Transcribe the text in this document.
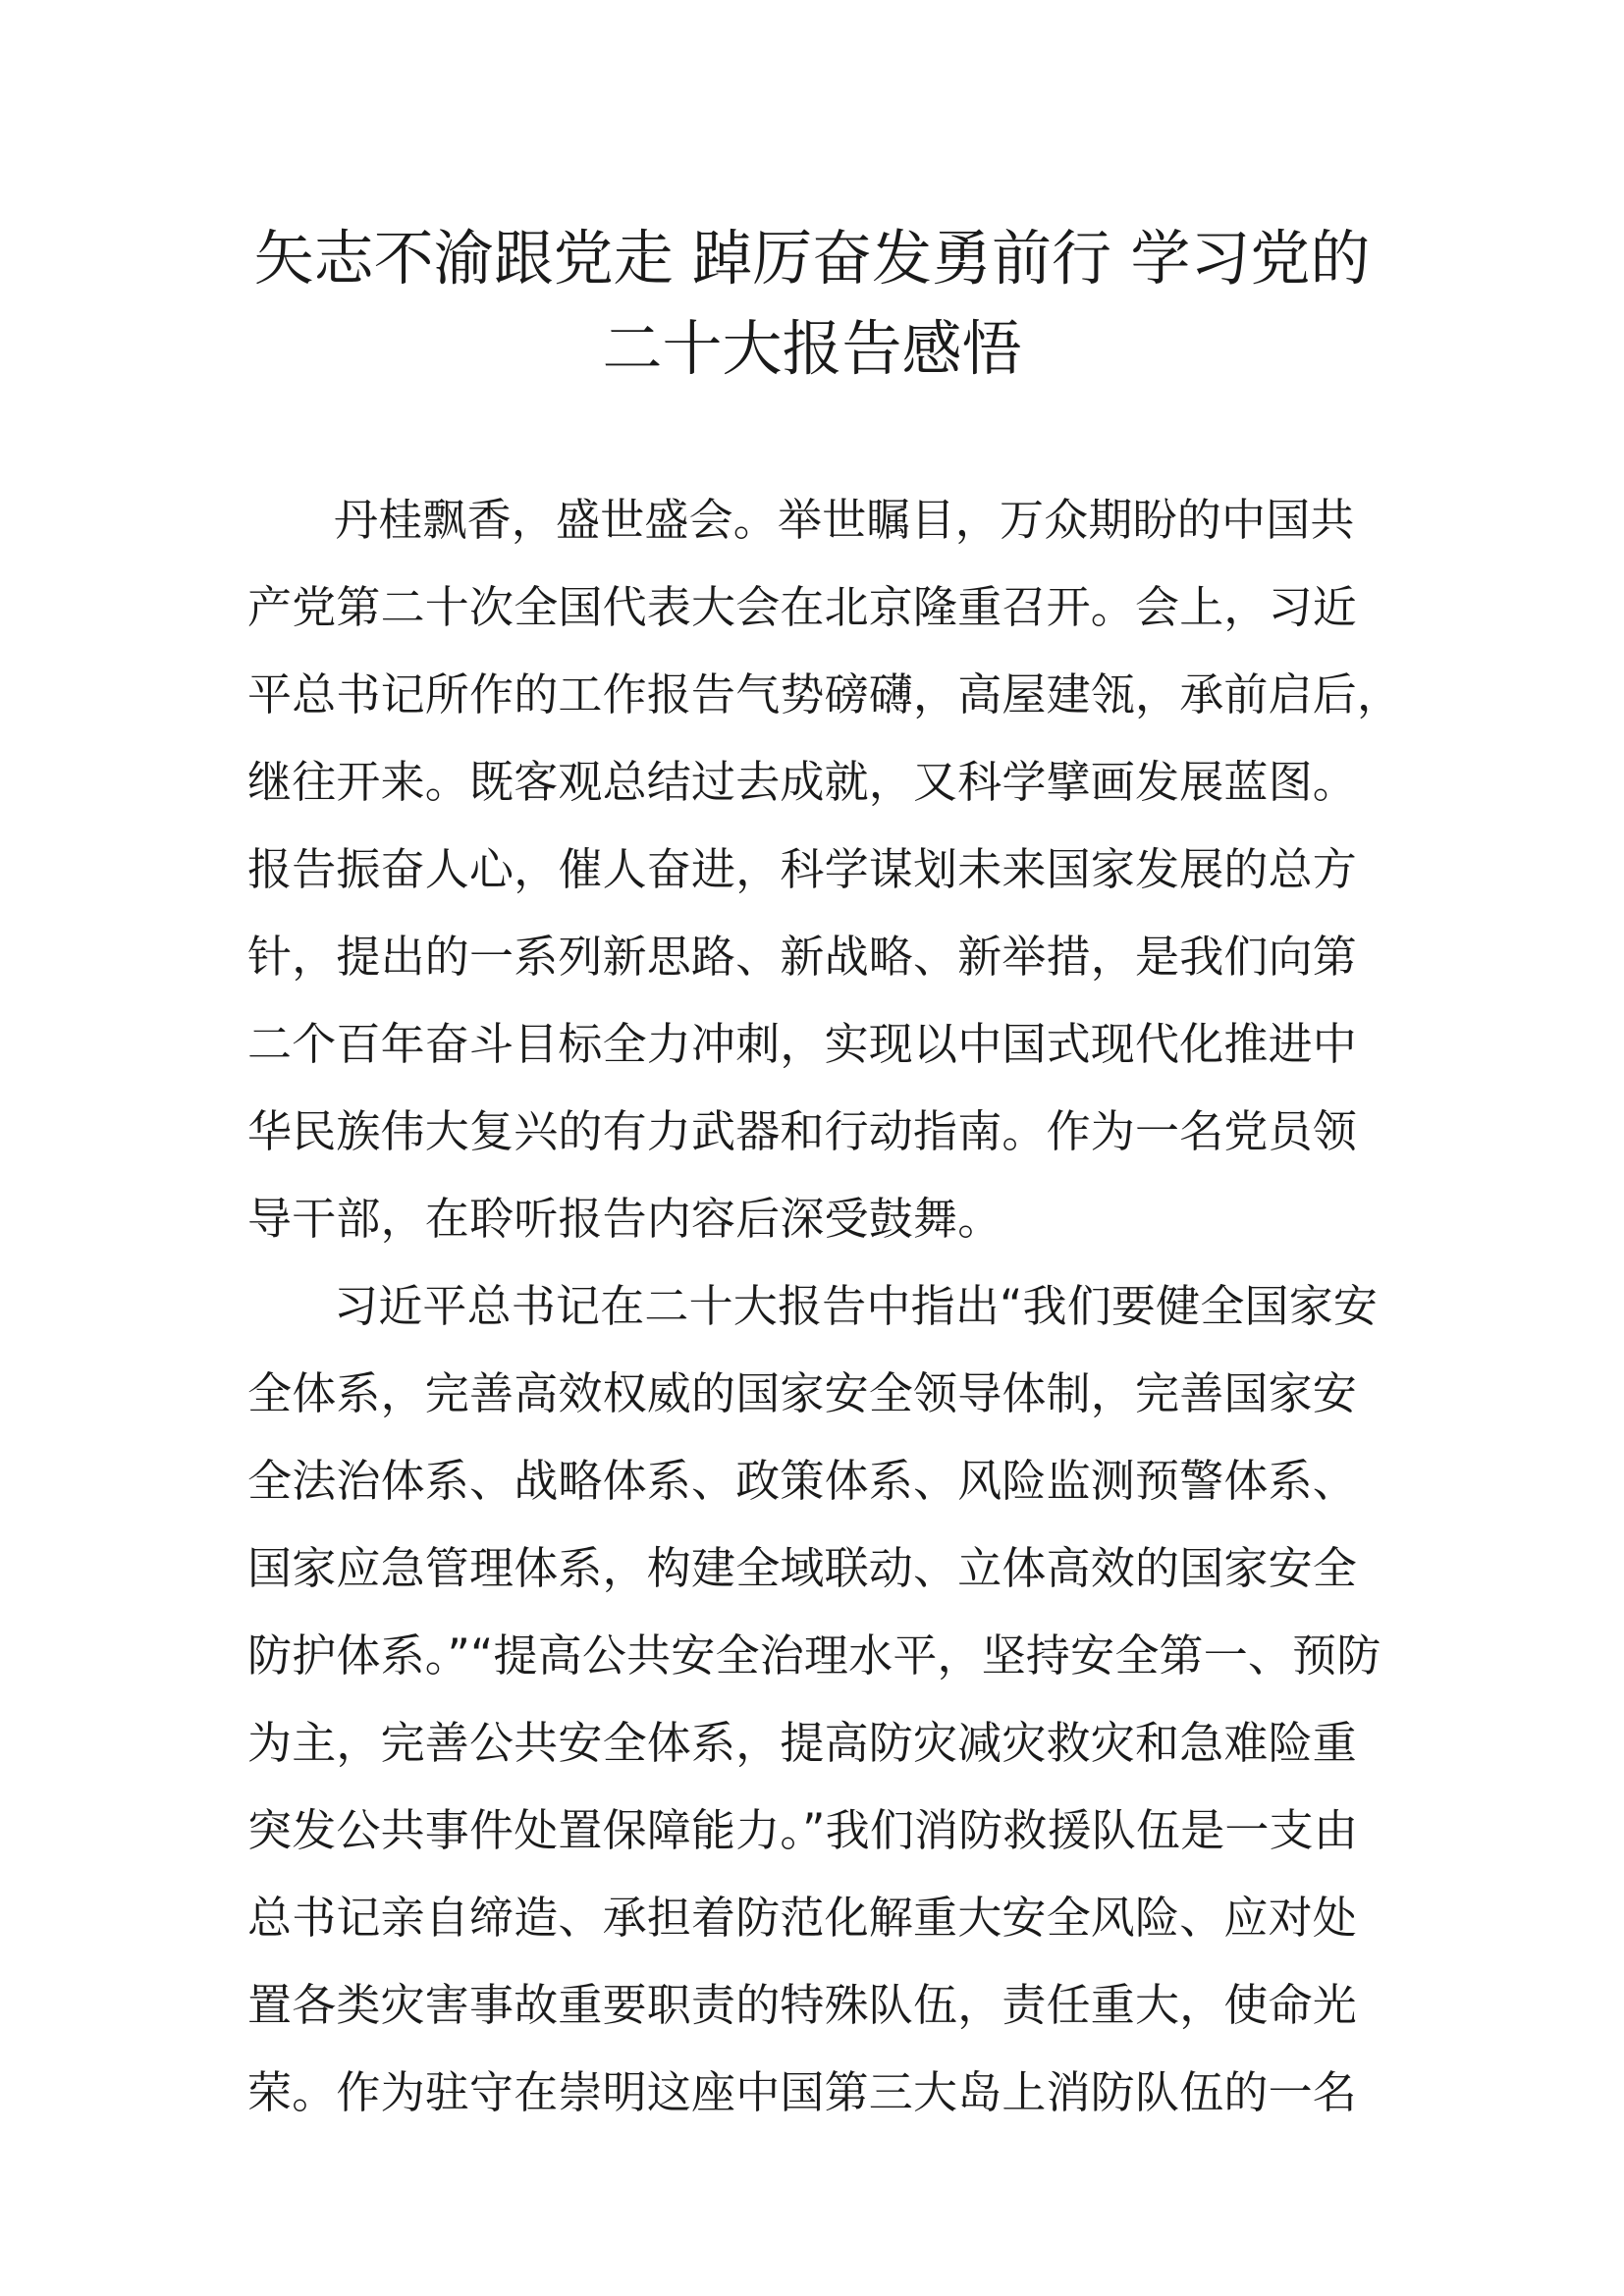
矢志不渝跟党走 踔厉奋发勇前行 学习党的
二十大报告感悟
丹桂飘香，盛世盛会。举世瞩目，万众期盼的中国共
产党第二十次全国代表大会在北京隆重召开。会上，习近
平总书记所作的工作报告气势磅礴，高屋建瓴，承前启后，
继往开来。既客观总结过去成就，又科学擘画发展蓝图。
报告振奋人心，催人奋进，科学谋划未来国家发展的总方
针，提出的一系列新思路、新战略、新举措，是我们向第
二个百年奋斗目标全力冲刺，实现以中国式现代化推进中
华民族伟大复兴的有力武器和行动指南。作为一名党员领
导干部，在聆听报告内容后深受鼓舞。
习近平总书记在二十大报告中指出“我们要健全国家安
全体系，完善高效权威的国家安全领导体制，完善国家安
全法治体系、战略体系、政策体系、风险监测预警体系、
国家应急管理体系，构建全域联动、立体高效的国家安全
防护体系。”“提高公共安全治理水平，坚持安全第一、预防
为主，完善公共安全体系，提高防灾减灾救灾和急难险重
突发公共事件处置保障能力。”我们消防救援队伍是一支由
总书记亲自缔造、承担着防范化解重大安全风险、应对处
置各类灾害事故重要职责的特殊队伍，责任重大，使命光
荣。作为驻守在崇明这座中国第三大岛上消防队伍的一名
